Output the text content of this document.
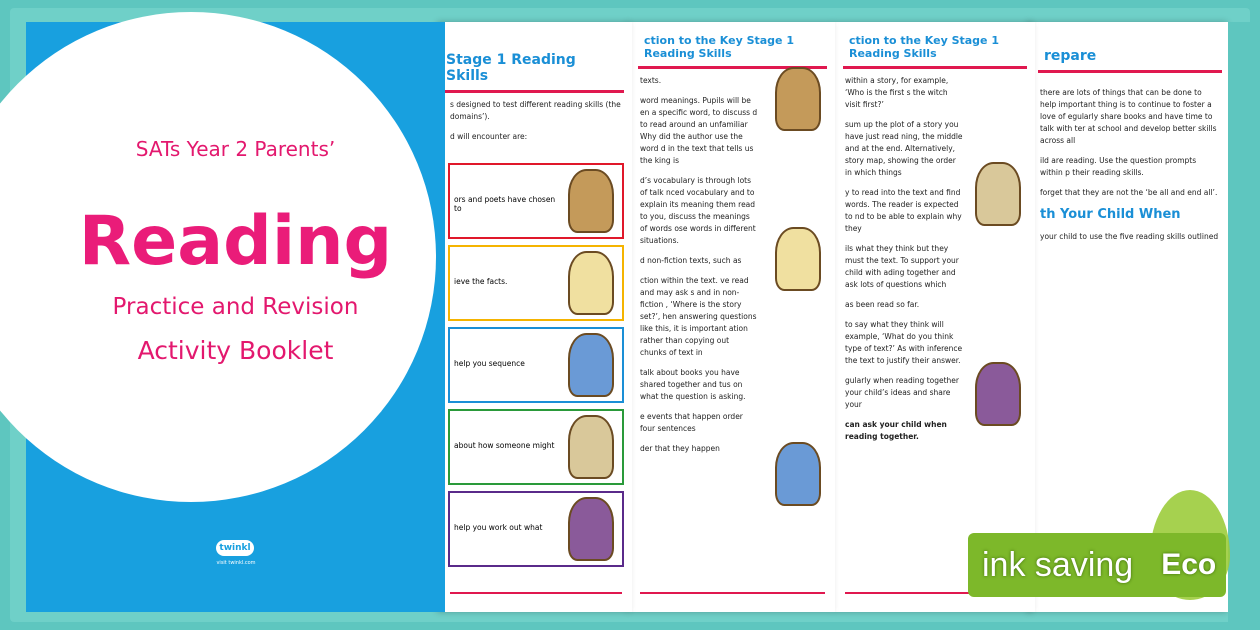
repare

there are lots of things that can be done to help important thing is to continue to foster a love of egularly share books and have time to talk with ter at school and develop better skills across all

ild are reading. Use the question prompts within p their reading skills.

forget that they are not the ‘be all and end all’.

th Your Child When

your child to use the five reading skills outlined

ction to the Key Stage 1 Reading Skills

within a story, for example, ‘Who is the first s the witch visit first?’

sum up the plot of a story you have just read ning, the middle and at the end. Alternatively, story map, showing the order in which things

y to read into the text and find words. The reader is expected to nd to be able to explain why they

ils what they think but they must the text. To support your child with ading together and ask lots of questions which

as been read so far.

to say what they think will example, ‘What do you think type of text?’ As with inference the text to justify their answer.

gularly when reading together your child’s ideas and share your

can ask your child when reading together.

ction to the Key Stage 1 Reading Skills

texts.

word meanings. Pupils will be en a specific word, to discuss d to read around an unfamiliar Why did the author use the word d in the text that tells us the king is

d’s vocabulary is through lots of talk nced vocabulary and to explain its meaning them read to you, discuss the meanings of words ose words in different situations.

d non-fiction texts, such as

ction within the text. ve read and may ask s and in non-fiction , ‘Where is the story set?’, hen answering questions like this, it is important ation rather than copying out chunks of text in

talk about books you have shared together and tus on what the question is asking.

e events that happen order four sentences

der that they happen

Stage 1 Reading Skills

s designed to test different reading skills (the domains’).

d will encounter are:

ors and poets have chosen to
ieve the facts.
help you sequence
about how someone might
help you work out what
SATs Year 2 Parents’
Reading
Practice and Revision
Activity Booklet
twinkl
visit twinkl.com	ink saving Eco
